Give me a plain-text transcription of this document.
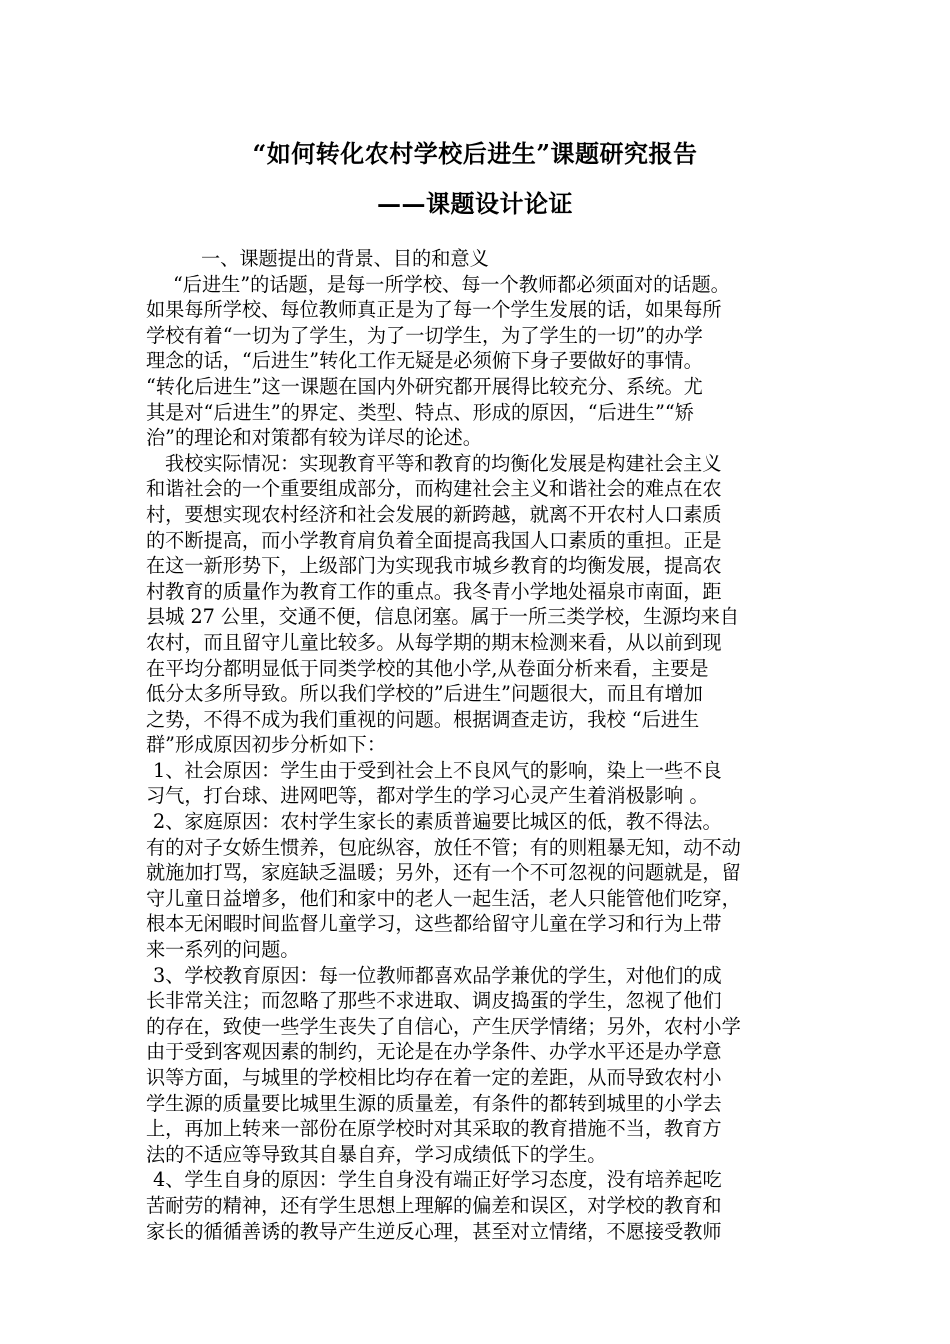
“如何转化农村学校后进生”课题研究报告
——课题设计论证
一、课题提出的背景、目的和意义
“后进生”的话题，是每一所学校、每一个教师都必须面对的话题。
如果每所学校、每位教师真正是为了每一个学生发展的话，如果每所
学校有着“一切为了学生，为了一切学生，为了学生的一切”的办学
理念的话，“后进生”转化工作无疑是必须俯下身子要做好的事情。
“转化后进生”这一课题在国内外研究都开展得比较充分、系统。尤
其是对“后进生”的界定、类型、特点、形成的原因，“后进生”“矫
治”的理论和对策都有较为详尽的论述。
我校实际情况：实现教育平等和教育的均衡化发展是构建社会主义
和谐社会的一个重要组成部分，而构建社会主义和谐社会的难点在农
村，要想实现农村经济和社会发展的新跨越，就离不开农村人口素质
的不断提高，而小学教育肩负着全面提高我国人口素质的重担。正是
在这一新形势下，上级部门为实现我市城乡教育的均衡发展，提高农
村教育的质量作为教育工作的重点。我冬青小学地处福泉市南面，距
县城 27 公里，交通不便，信息闭塞。属于一所三类学校，生源均来自
农村，而且留守儿童比较多。从每学期的期末检测来看，从以前到现
在平均分都明显低于同类学校的其他小学,从卷面分析来看，主要是
低分太多所导致。所以我们学校的”后进生”问题很大，而且有增加
之势，不得不成为我们重视的问题。根据调查走访，我校 “后进生
群”形成原因初步分析如下：
1、社会原因：学生由于受到社会上不良风气的影响，染上一些不良
习气，打台球、进网吧等，都对学生的学习心灵产生着消极影响 。
2、家庭原因：农村学生家长的素质普遍要比城区的低，教不得法。
有的对子女娇生惯养，包庇纵容，放任不管；有的则粗暴无知，动不动
就施加打骂，家庭缺乏温暖；另外，还有一个不可忽视的问题就是，留
守儿童日益增多，他们和家中的老人一起生活，老人只能管他们吃穿，
根本无闲暇时间监督儿童学习，这些都给留守儿童在学习和行为上带
来一系列的问题。
3、学校教育原因：每一位教师都喜欢品学兼优的学生，对他们的成
长非常关注；而忽略了那些不求进取、调皮捣蛋的学生，忽视了他们
的存在，致使一些学生丧失了自信心，产生厌学情绪；另外，农村小学
由于受到客观因素的制约，无论是在办学条件、办学水平还是办学意
识等方面，与城里的学校相比均存在着一定的差距，从而导致农村小
学生源的质量要比城里生源的质量差，有条件的都转到城里的小学去
上，再加上转来一部份在原学校时对其采取的教育措施不当，教育方
法的不适应等导致其自暴自弃，学习成绩低下的学生。
4、学生自身的原因：学生自身没有端正好学习态度，没有培养起吃
苦耐劳的精神，还有学生思想上理解的偏差和误区，对学校的教育和
家长的循循善诱的教导产生逆反心理，甚至对立情绪，不愿接受教师
